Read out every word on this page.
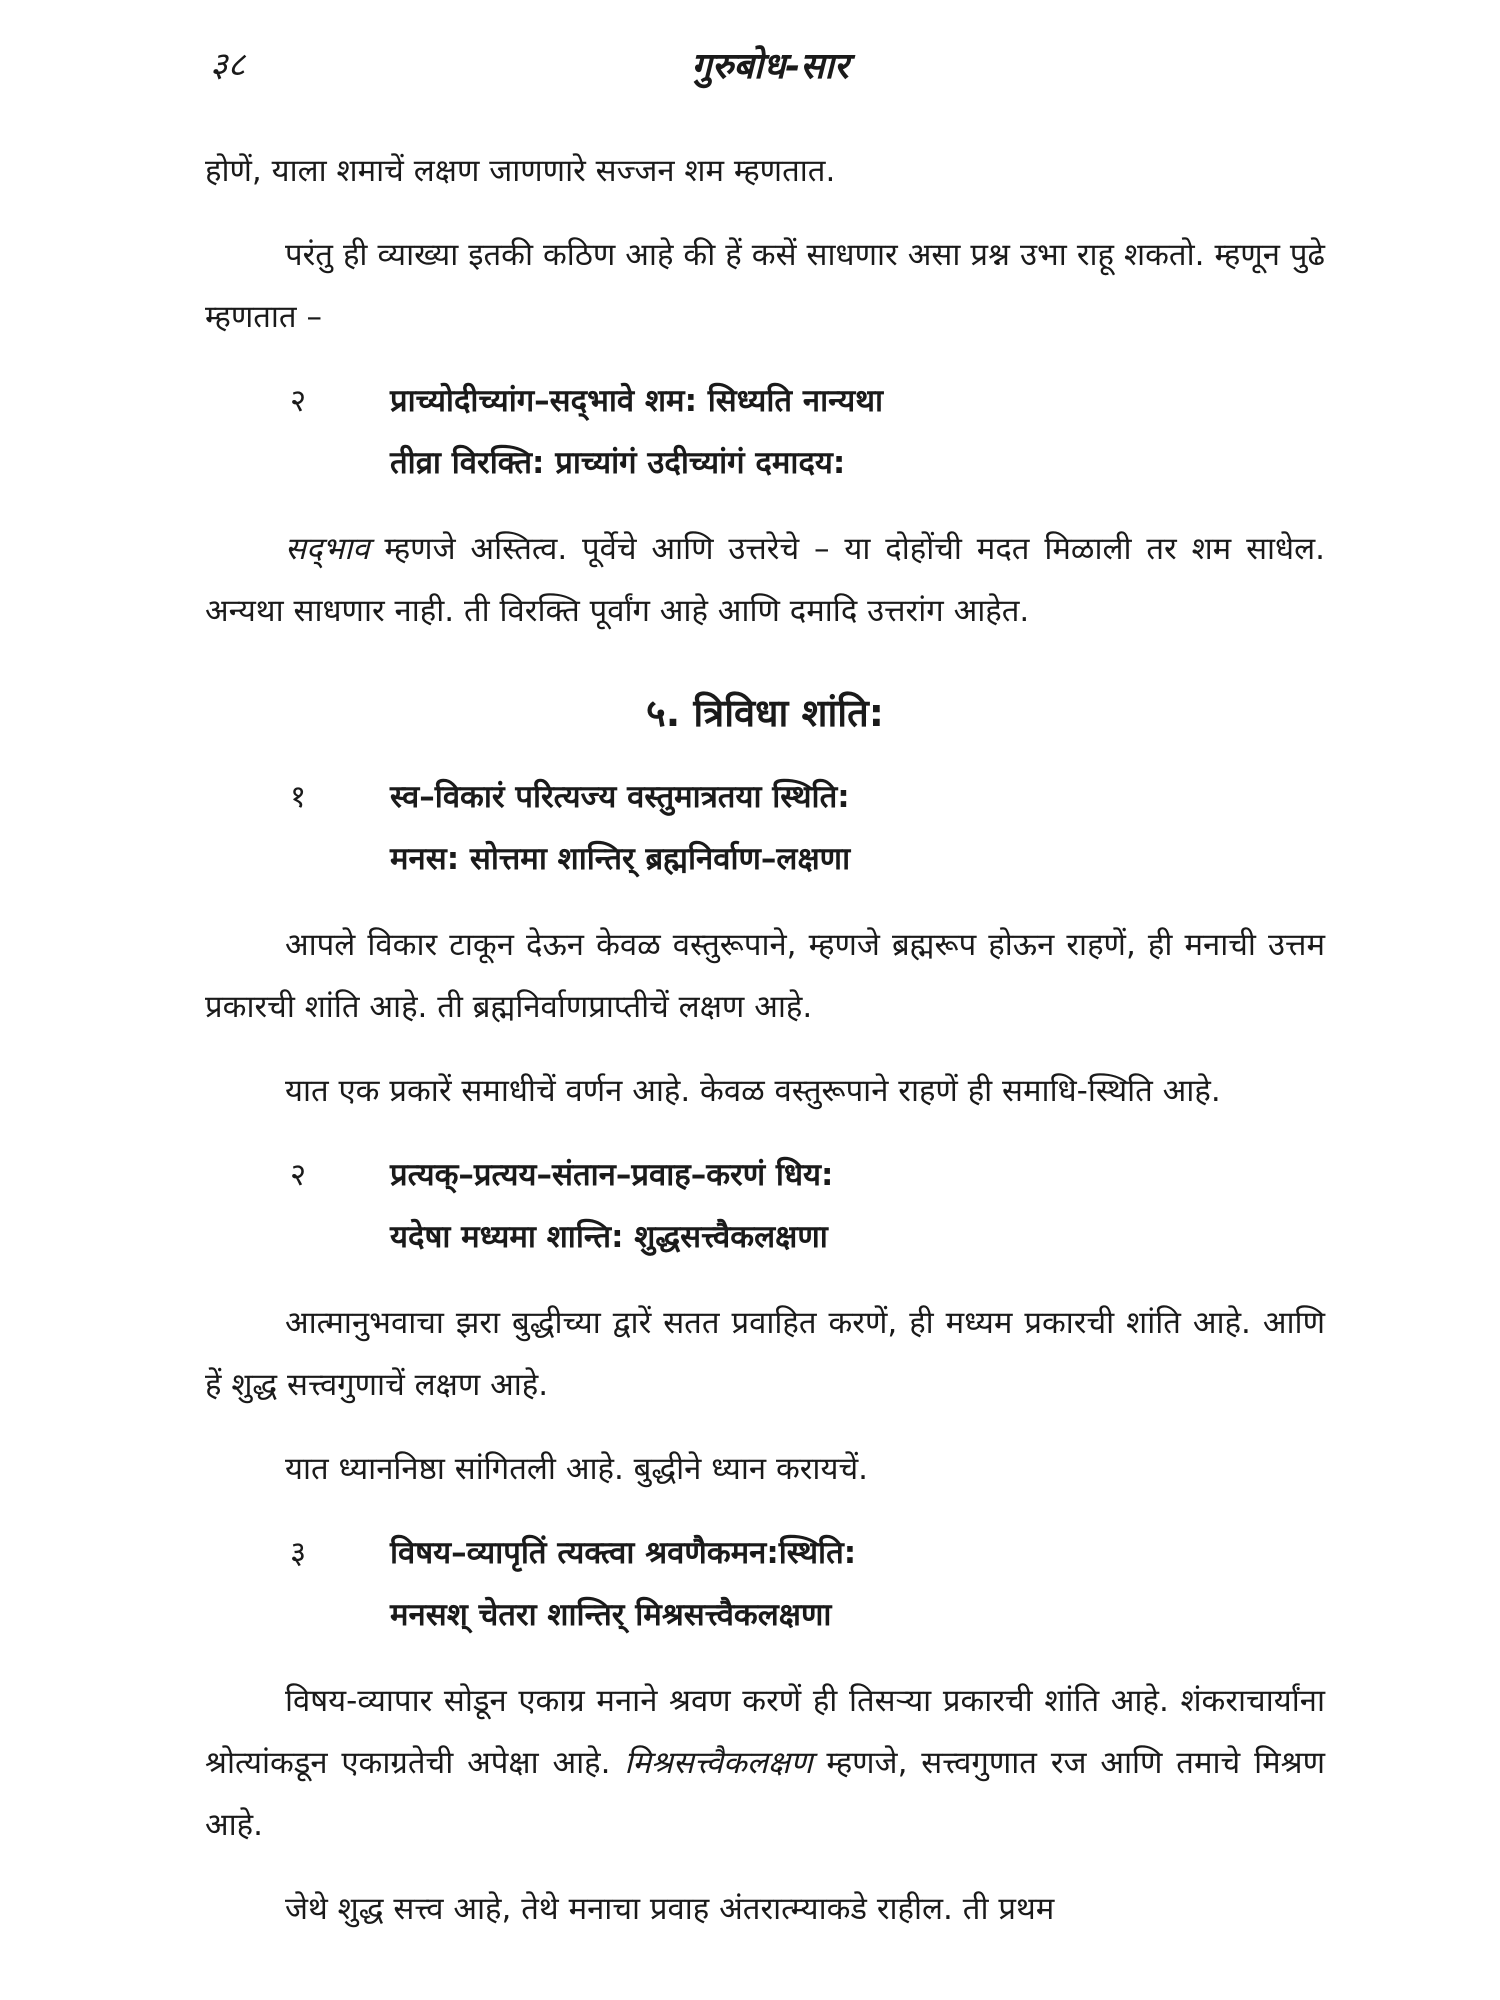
३८	गुरुबोध-सार

होणें, याला शमाचें लक्षण जाणणारे सज्जन शम म्हणतात.

परंतु ही व्याख्या इतकी कठिण आहे की हें कसें साधणार असा प्रश्न उभा राहू शकतो. म्हणून पुढे म्हणतात –

२	प्राच्योदीच्यांग–सद्‌भावे शम: सिध्यति नान्यथा
तीव्रा विरक्ति: प्राच्यांगं उदीच्यांगं दमादय:

सद्‌भाव म्हणजे अस्तित्व. पूर्वेचे आणि उत्तरेचे – या दोहोंची मदत मिळाली तर शम साधेल. अन्यथा साधणार नाही. ती विरक्ति पूर्वांग आहे आणि दमादि उत्तरांग आहेत.

५. त्रिविधा शांति:
१	स्व–विकारं परित्यज्य वस्तुमात्रतया स्थिति:
मनस: सोत्तमा शान्तिर् ब्रह्मनिर्वाण–लक्षणा

आपले विकार टाकून देऊन केवळ वस्तुरूपाने, म्हणजे ब्रह्मरूप होऊन राहणें, ही मनाची उत्तम प्रकारची शांति आहे. ती ब्रह्मनिर्वाणप्राप्तीचें लक्षण आहे.

यात एक प्रकारें समाधीचें वर्णन आहे. केवळ वस्तुरूपाने राहणें ही समाधि-स्थिति आहे.

२	प्रत्यक्–प्रत्यय–संतान–प्रवाह–करणं धिय:
यदेषा मध्यमा शान्ति: शुद्धसत्त्वैकलक्षणा

आत्मानुभवाचा झरा बुद्धीच्या द्वारें सतत प्रवाहित करणें, ही मध्यम प्रकारची शांति आहे. आणि हें शुद्ध सत्त्वगुणाचें लक्षण आहे.

यात ध्याननिष्ठा सांगितली आहे. बुद्धीने ध्यान करायचें.

३	विषय–व्यापृतिं त्यक्त्वा श्रवणैकमन:स्थिति:
मनसश् चेतरा शान्तिर् मिश्रसत्त्वैकलक्षणा

विषय-व्यापार सोडून एकाग्र मनाने श्रवण करणें ही तिसऱ्या प्रकारची शांति आहे. शंकराचार्यांना श्रोत्यांकडून एकाग्रतेची अपेक्षा आहे. मिश्रसत्त्वैकलक्षण म्हणजे, सत्त्वगुणात रज आणि तमाचे मिश्रण आहे.

जेथे शुद्ध सत्त्व आहे, तेथे मनाचा प्रवाह अंतरात्म्याकडे राहील. ती प्रथम
